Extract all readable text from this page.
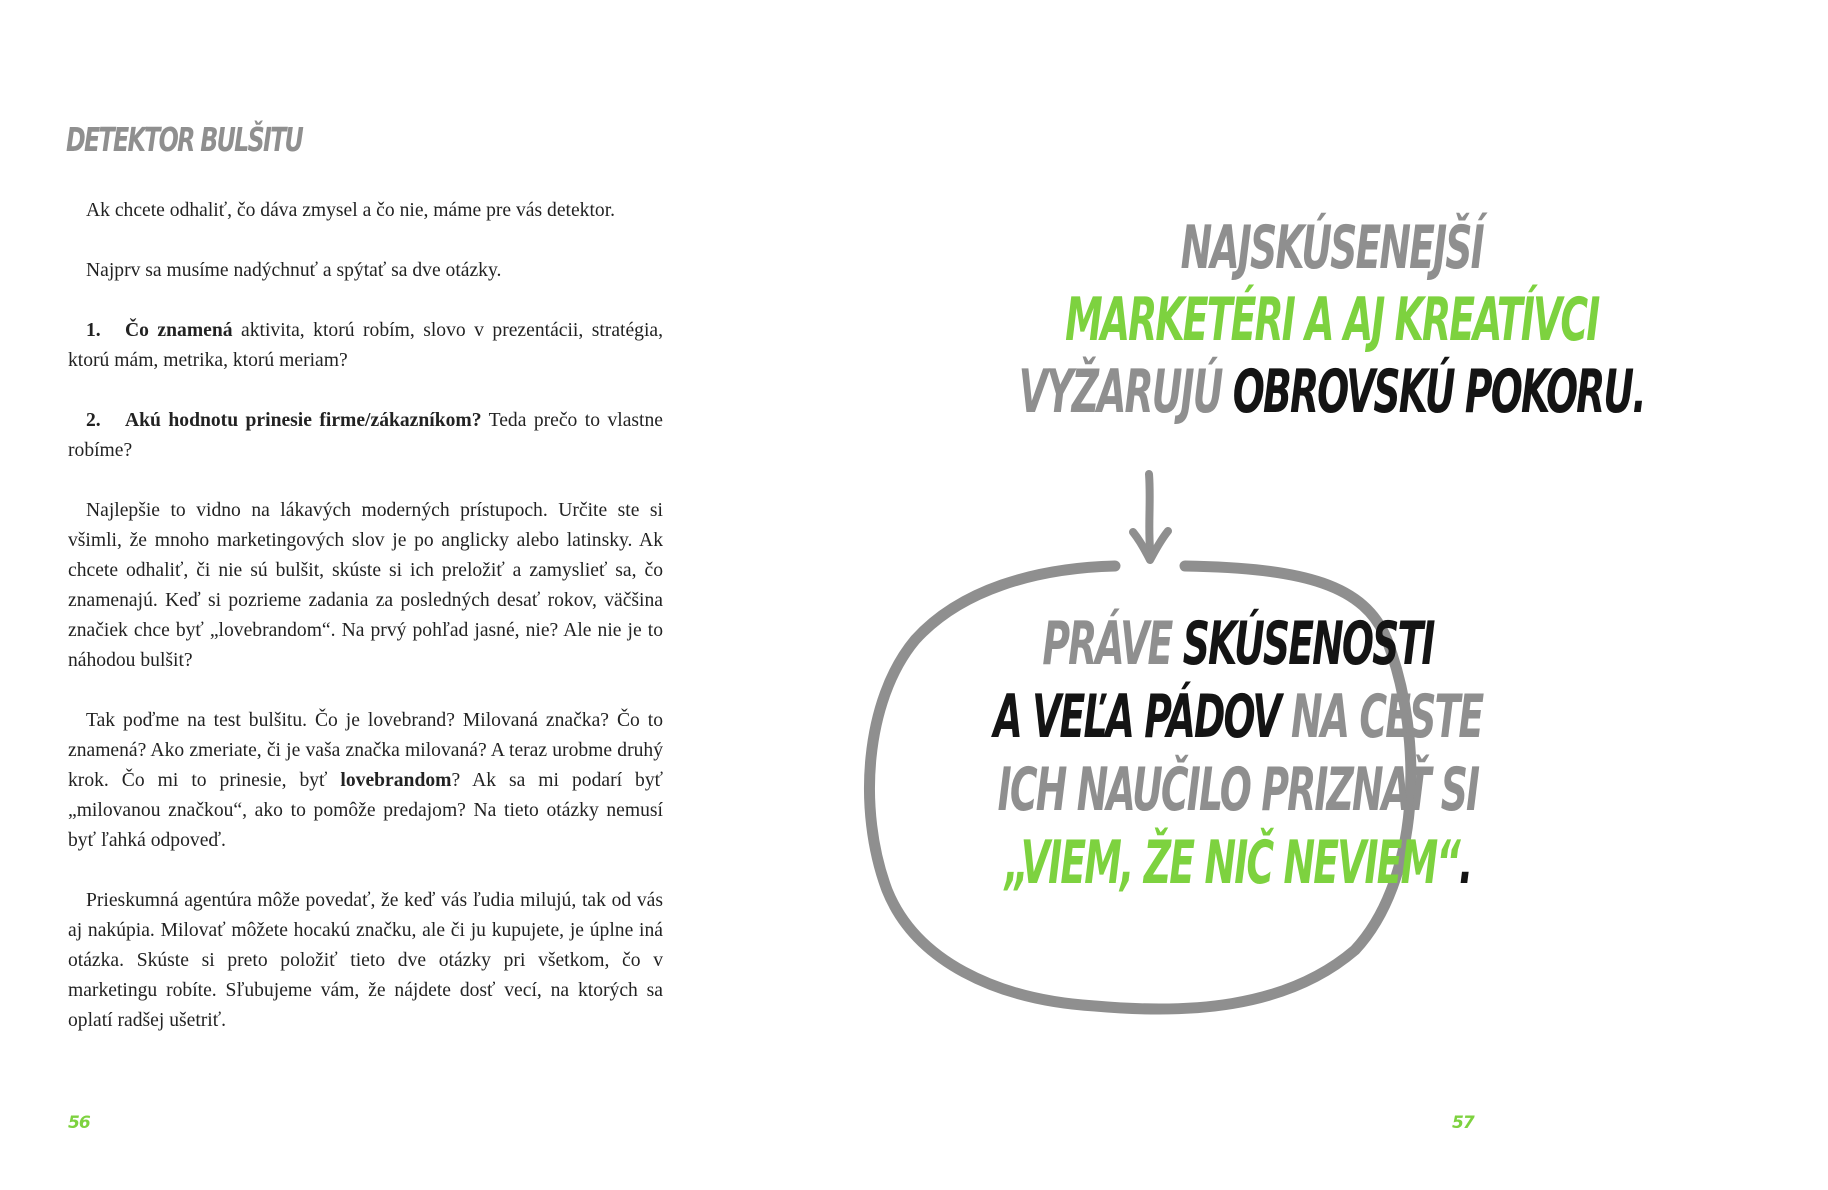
DETEKTOR BULŠITU

Ak chcete odhaliť, čo dáva zmysel a čo nie, máme pre vás detektor.

Najprv sa musíme nadýchnuť a spýtať sa dve otázky.

1. Čo znamená aktivita, ktorú robím, slovo v prezentácii, stratégia, ktorú mám, metrika, ktorú meriam?

2. Akú hodnotu prinesie firme/zákazníkom? Teda prečo to vlastne robíme?

Najlepšie to vidno na lákavých moderných prístupoch. Určite ste si všimli, že mnoho marketingových slov je po anglicky alebo latinsky. Ak chcete odhaliť, či nie sú bulšit, skúste si ich preložiť a zamyslieť sa, čo znamenajú. Keď si pozrieme zadania za posledných desať rokov, väčšina značiek chce byť „lovebrandom“. Na prvý pohľad jasné, nie? Ale nie je to náhodou bulšit?

Tak poďme na test bulšitu. Čo je lovebrand? Milovaná značka? Čo to znamená? Ako zmeriate, či je vaša značka milovaná? A teraz urobme druhý krok. Čo mi to prinesie, byť lovebrandom? Ak sa mi podarí byť „milovanou značkou“, ako to pomôže predajom? Na tieto otázky nemusí byť ľahká odpoveď.

Prieskumná agentúra môže povedať, že keď vás ľudia milujú, tak od vás aj nakúpia. Milovať môžete hocakú značku, ale či ju kupujete, je úplne iná otázka. Skúste si preto položiť tieto dve otázky pri všetkom, čo v marketingu robíte. Sľubujeme vám, že nájdete dosť vecí, na ktorých sa oplatí radšej ušetriť.

56
NAJSKÚSENEJŠÍ
MARKETÉRI A AJ KREATÍVCI
VYŽARUJÚ OBROVSKÚ POKORU.
PRÁVE SKÚSENOSTI
A VEĽA PÁDOV NA CESTE
ICH NAUČILO PRIZNAŤ SI
„VIEM, ŽE NIČ NEVIEM“.
57
